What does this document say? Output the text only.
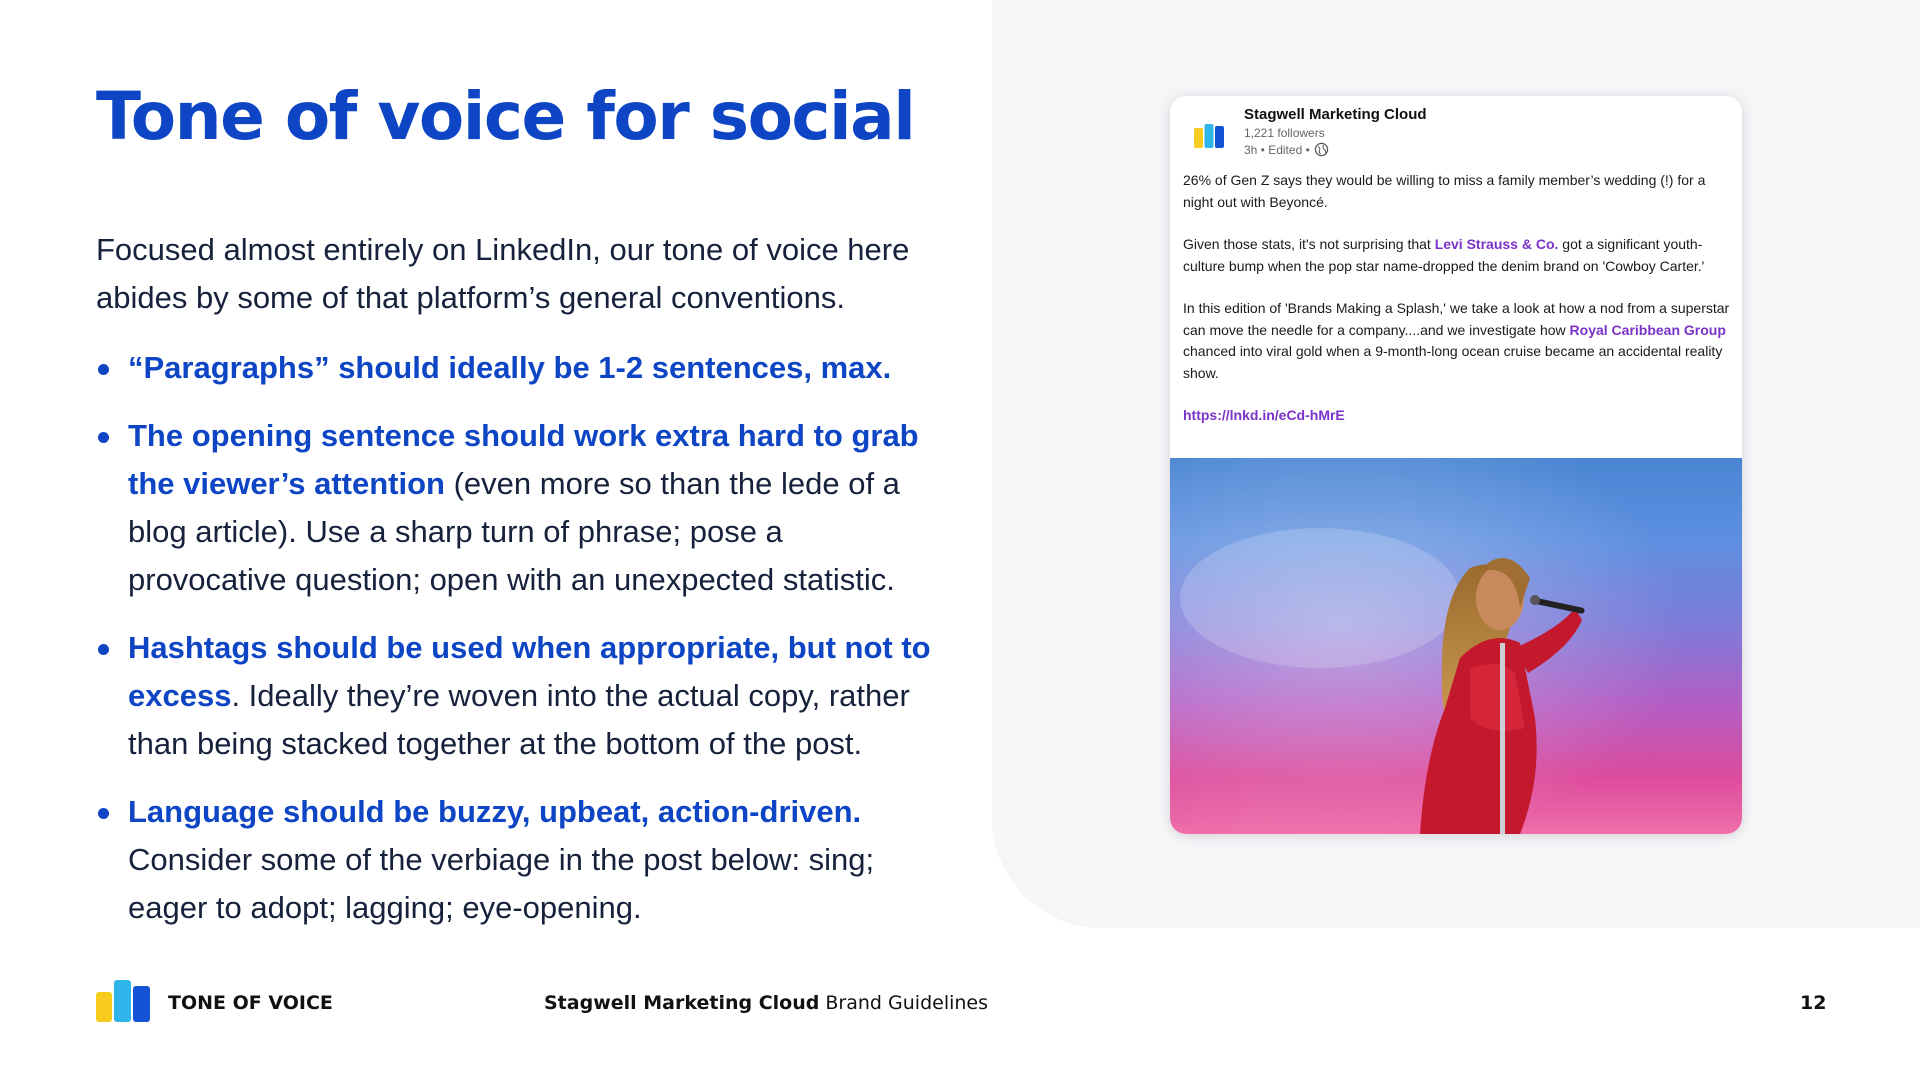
Tone of voice for social

Focused almost entirely on LinkedIn, our tone of voice here abides by some of that platform’s general conventions.

“Paragraphs” should ideally be 1-2 sentences, max.
The opening sentence should work extra hard to grab the viewer’s attention (even more so than the lede of a blog article). Use a sharp turn of phrase; pose a provocative question; open with an unexpected statistic.
Hashtags should be used when appropriate, but not to excess. Ideally they’re woven into the actual copy, rather than being stacked together at the bottom of the post.
Language should be buzzy, upbeat, action-driven. Consider some of the verbiage in the post below: sing; eager to adopt; lagging; eye-opening.
Stagwell Marketing Cloud
1,221 followers
3h • Edited •

26% of Gen Z says they would be willing to miss a family member’s wedding (!) for a night out with Beyoncé.

Given those stats, it's not surprising that Levi Strauss & Co. got a significant youth-culture bump when the pop star name-dropped the denim brand on 'Cowboy Carter.'

In this edition of 'Brands Making a Splash,' we take a look at how a nod from a superstar can move the needle for a company....and we investigate how Royal Caribbean Group chanced into viral gold when a 9-month-long ocean cruise became an accidental reality show.

https://lnkd.in/eCd-hMrE

TONE OF VOICE	Stagwell Marketing Cloud Brand Guidelines	12
